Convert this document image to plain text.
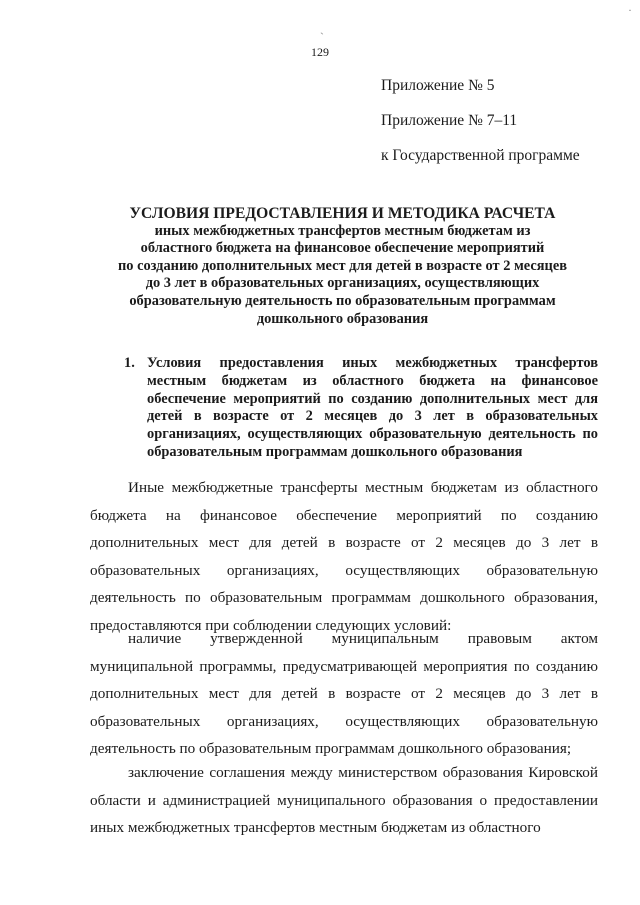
ˎ
·
129
Приложение № 5
Приложение № 7–11
к Государственной программе
УСЛОВИЯ ПРЕДОСТАВЛЕНИЯ И МЕТОДИКА РАСЧЕТА
иных межбюджетных трансфертов местным бюджетам из
областного бюджета на финансовое обеспечение мероприятий
по созданию дополнительных мест для детей в возрасте от 2 месяцев
до 3 лет в образовательных организациях, осуществляющих
образовательную деятельность по образовательным программам
дошкольного образования
1. Условия предоставления иных межбюджетных трансфертов местным бюджетам из областного бюджета на финансовое обеспечение мероприятий по созданию дополнительных мест для детей в возрасте от 2 месяцев до 3 лет в образовательных организациях, осуществляющих образовательную деятельность по образовательным программам дошкольного образования
Иные межбюджетные трансферты местным бюджетам из областного бюджета на финансовое обеспечение мероприятий по созданию дополнительных мест для детей в возрасте от 2 месяцев до 3 лет в образовательных организациях, осуществляющих образовательную деятельность по образовательным программам дошкольного образования, предоставляются при соблюдении следующих условий:
наличие утвержденной муниципальным правовым актом муниципальной программы, предусматривающей мероприятия по созданию дополнительных мест для детей в возрасте от 2 месяцев до 3 лет в образовательных организациях, осуществляющих образовательную деятельность по образовательным программам дошкольного образования;
заключение соглашения между министерством образования Кировской области и администрацией муниципального образования о предоставлении иных межбюджетных трансфертов местным бюджетам из областного
